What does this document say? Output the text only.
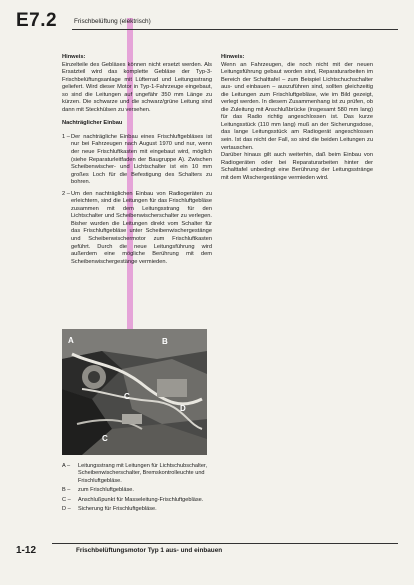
E7.2	Frischbelüftung (elektrisch)

Hinweis:

Einzelteile des Gebläses können nicht ersetzt werden. Als Ersatzteil wird das komplette Gebläse der Typ-3-Frischbelüftungsanlage mit Lüfterrad und Leitungsstrang geliefert. Wird dieser Motor in Typ-1-Fahrzeuge eingebaut, so sind die Leitungen auf ungefähr 350 mm Länge zu kürzen. Die schwarze und die schwarz/grüne Leitung sind dann mit Steckhülsen zu versehen.

Nachträglicher Einbau

1 – Der nachträgliche Einbau eines Frischluftgebläses ist nur bei Fahrzeugen nach August 1970 und nur, wenn der neue Frischluftkasten mit eingebaut wird, möglich (siehe Reparaturleitfaden der Baugruppe A). Zwischen Scheibenwischer- und Lichtschalter ist ein 10 mm großes Loch für die Befestigung des Schalters zu bohren.
2 – Um den nachträglichen Einbau von Radiogeräten zu erleichtern, sind die Leitungen für das Frischluftgebläse zusammen mit dem Leitungsstrang für den Lichtschalter und Scheibenwischerschalter zu verlegen. Bisher wurden die Leitungen direkt vom Schalter für das Frischluftgebläse unter Scheibenwischergestänge und Scheibenwischermotor zum Frischluftkasten geführt. Durch die neue Leitungsführung wird außerdem eine mögliche Berührung mit dem Scheibenwischergestänge vermieden.

Hinweis:

Wenn an Fahrzeugen, die noch nicht mit der neuen Leitungsführung gebaut worden sind, Reparaturarbeiten im Bereich der Schalttafel – zum Beispiel Lichtschuchschalter aus- und einbauen – auszuführen sind, sollten gleichzeitig die Leitungen zum Frischluftgebläse, wie im Bild gezeigt, verlegt werden. In diesem Zusammenhang ist zu prüfen, ob die Zuleitung mit Anschlußbrücke (insgesamt 580 mm lang) für das Radio richtig angeschlossen ist. Das kurze Leitungsstück (110 mm lang) muß an der Sicherungsdose, das lange Leitungsstück am Radiogerät angeschlossen sein. Ist das nicht der Fall, so sind die beiden Leitungen zu vertauschen.

Darüber hinaus gilt auch weiterhin, daß beim Einbau von Radiogeräten oder bei Reparaturarbeiten hinter der Schalttafel unbedingt eine Berührung der Leitungsstränge mit dem Wischergestänge vermieden wird.

A	B
C
D
C
A –	Leitungsstrang mit Leitungen für Lichtschubschalter, Scheibenwischerschalter, Bremskontrolleuchte und Frischluftgebläse.
B –	zum Frischluftgebläse.
C –	Anschlußpunkt für Masseleitung-Frischluftgebläse.
D –	Sicherung für Frischluftgebläse.
1-12	Frischbelüftungsmotor Typ 1 aus- und einbauen
